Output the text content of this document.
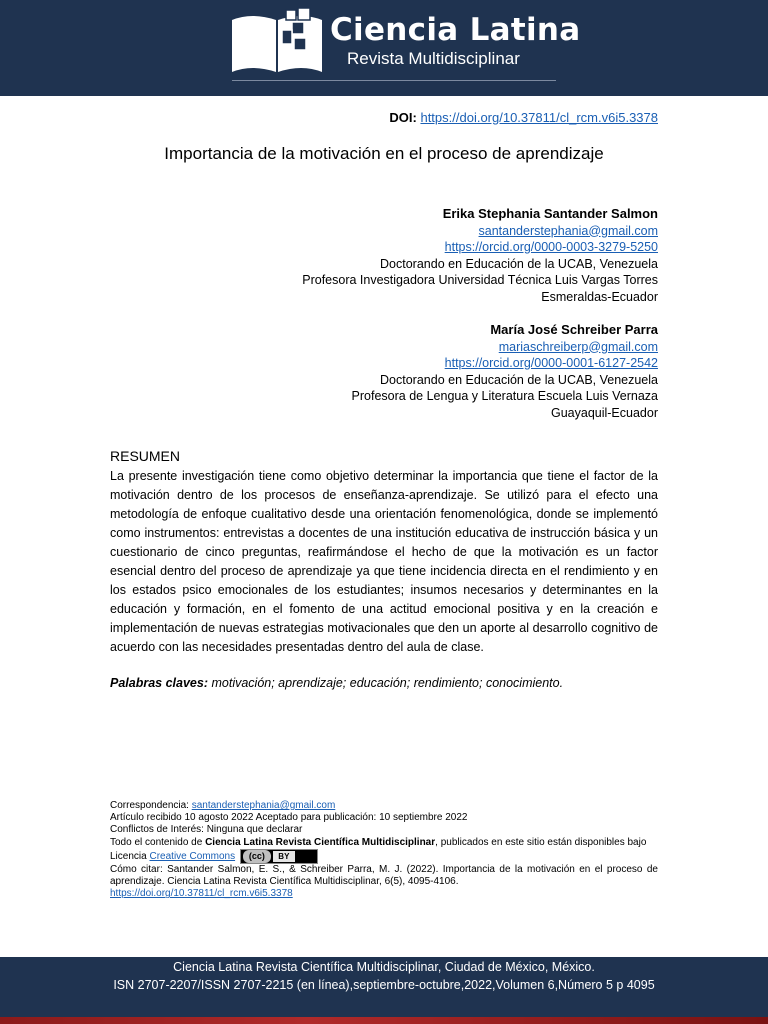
Ciencia Latina
Revista Multidisciplinar
DOI: https://doi.org/10.37811/cl_rcm.v6i5.3378
Importancia de la motivación en el proceso de aprendizaje
Erika Stephania Santander Salmon
santanderstephania@gmail.com
https://orcid.org/0000-0003-3279-5250
Doctorando en Educación de la UCAB, Venezuela
Profesora Investigadora Universidad Técnica Luis Vargas Torres
Esmeraldas-Ecuador
María José Schreiber Parra
mariaschreiberp@gmail.com
https://orcid.org/0000-0001-6127-2542
Doctorando en Educación de la UCAB, Venezuela
Profesora de Lengua y Literatura Escuela Luis Vernaza
Guayaquil-Ecuador
RESUMEN
La presente investigación tiene como objetivo determinar la importancia que tiene el factor de la motivación dentro de los procesos de enseñanza-aprendizaje. Se utilizó para el efecto una metodología de enfoque cualitativo desde una orientación fenomenológica, donde se implementó como instrumentos: entrevistas a docentes de una institución educativa de instrucción básica y un cuestionario de cinco preguntas, reafirmándose el hecho de que la motivación es un factor esencial dentro del proceso de aprendizaje ya que tiene incidencia directa en el rendimiento y en los estados psico emocionales de los estudiantes; insumos necesarios y determinantes en la educación y formación, en el fomento de una actitud emocional positiva y en la creación e implementación de nuevas estrategias motivacionales que den un aporte al desarrollo cognitivo de acuerdo con las necesidades presentadas dentro del aula de clase.
Palabras claves: motivación; aprendizaje; educación; rendimiento; conocimiento.
Correspondencia: santanderstephania@gmail.com
Artículo recibido 10 agosto 2022 Aceptado para publicación: 10 septiembre 2022
Conflictos de Interés: Ninguna que declarar
Todo el contenido de Ciencia Latina Revista Científica Multidisciplinar, publicados en este sitio están disponibles bajo
Licencia Creative Commons	(cc)	BY
Cómo citar: Santander Salmon, E. S., & Schreiber Parra, M. J. (2022). Importancia de la motivación en el proceso de aprendizaje. Ciencia Latina Revista Científica Multidisciplinar, 6(5), 4095-4106.
https://doi.org/10.37811/cl_rcm.v6i5.3378
Ciencia Latina Revista Científica Multidisciplinar, Ciudad de México, México.
ISN 2707-2207/ISSN 2707-2215 (en línea),septiembre-octubre,2022,Volumen 6,Número 5 p 4095
